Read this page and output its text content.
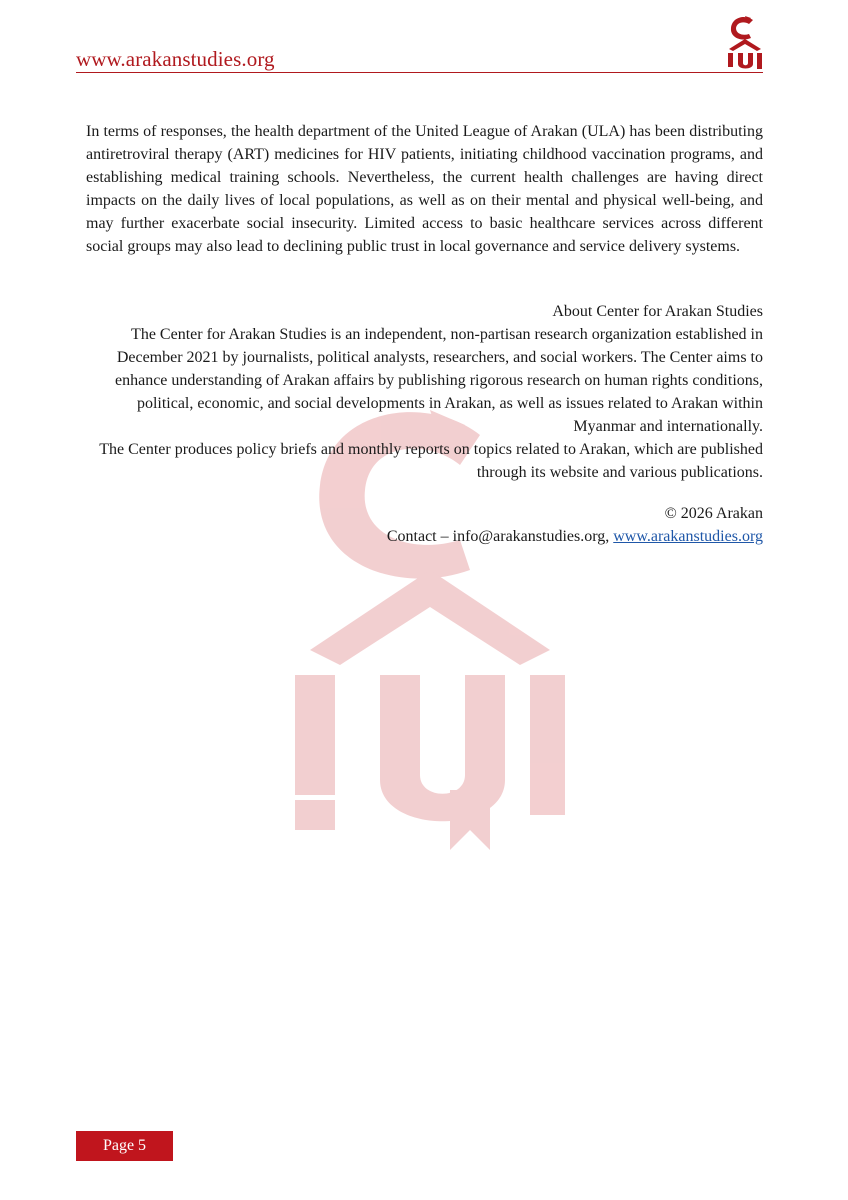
www.arakanstudies.org

In terms of responses, the health department of the United League of Arakan (ULA) has been distributing antiretroviral therapy (ART) medicines for HIV patients, initiating childhood vaccination programs, and establishing medical training schools. Nevertheless, the current health challenges are having direct impacts on the daily lives of local populations, as well as on their mental and physical well-being, and may further exacerbate social insecurity. Limited access to basic healthcare services across different social groups may also lead to declining public trust in local governance and service delivery systems.

About Center for Arakan Studies

The Center for Arakan Studies is an independent, non-partisan research organization established in December 2021 by journalists, political analysts, researchers, and social workers. The Center aims to enhance understanding of Arakan affairs by publishing rigorous research on human rights conditions, political, economic, and social developments in Arakan, as well as issues related to Arakan within Myanmar and internationally.

The Center produces policy briefs and monthly reports on topics related to Arakan, which are published through its website and various publications.

© 2026 Arakan

Contact – info@arakanstudies.org, www.arakanstudies.org

Page 5
